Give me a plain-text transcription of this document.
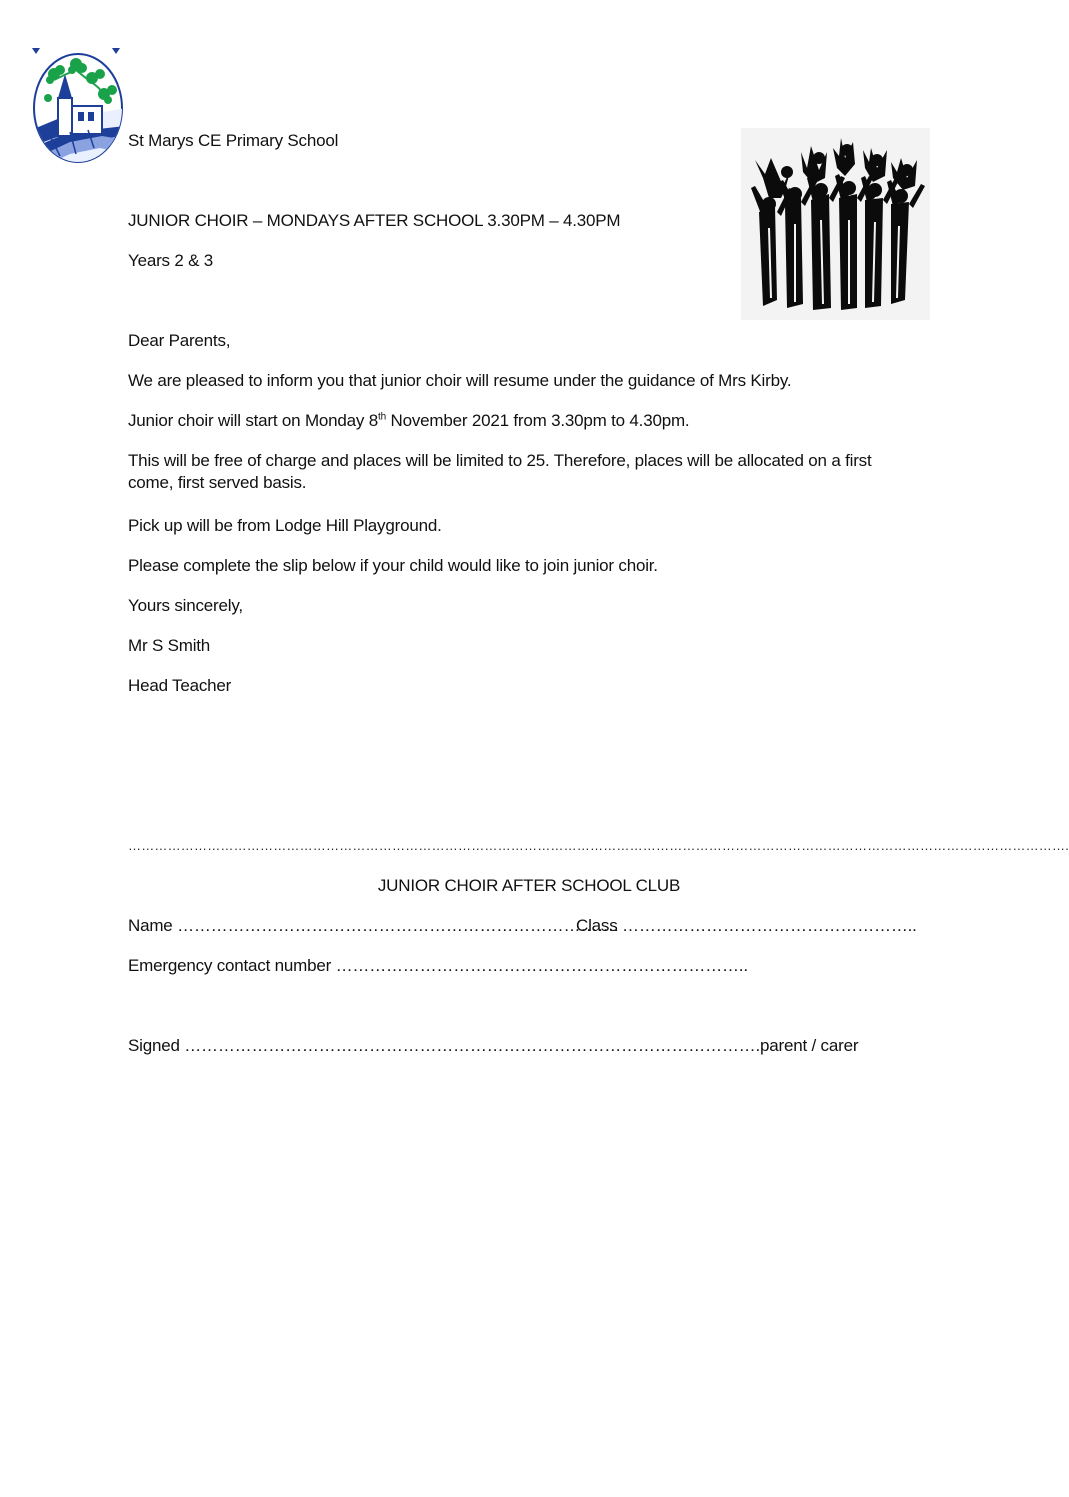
St Marys CE Primary School
JUNIOR CHOIR – MONDAYS AFTER SCHOOL 3.30PM – 4.30PM
Years 2 & 3
Dear Parents,
We are pleased to inform you that junior choir will resume under the guidance of Mrs Kirby.
Junior choir will start on Monday 8th November 2021 from 3.30pm to 4.30pm.
This will be free of charge and places will be limited to 25. Therefore, places will be allocated on a first come, first served basis.
Pick up will be from Lodge Hill Playground.
Please complete the slip below if your child would like to join junior choir.
Yours sincerely,
Mr S Smith
Head Teacher
…………………………………………………………………………………………………………………………………………………………………………………………….
JUNIOR CHOIR AFTER SCHOOL CLUB
Name …………………………………………………………………….
Class ……………………………………………..
Emergency contact number ………………………………………………………………..
Signed ………………………………………………………………………………………….parent / carer
